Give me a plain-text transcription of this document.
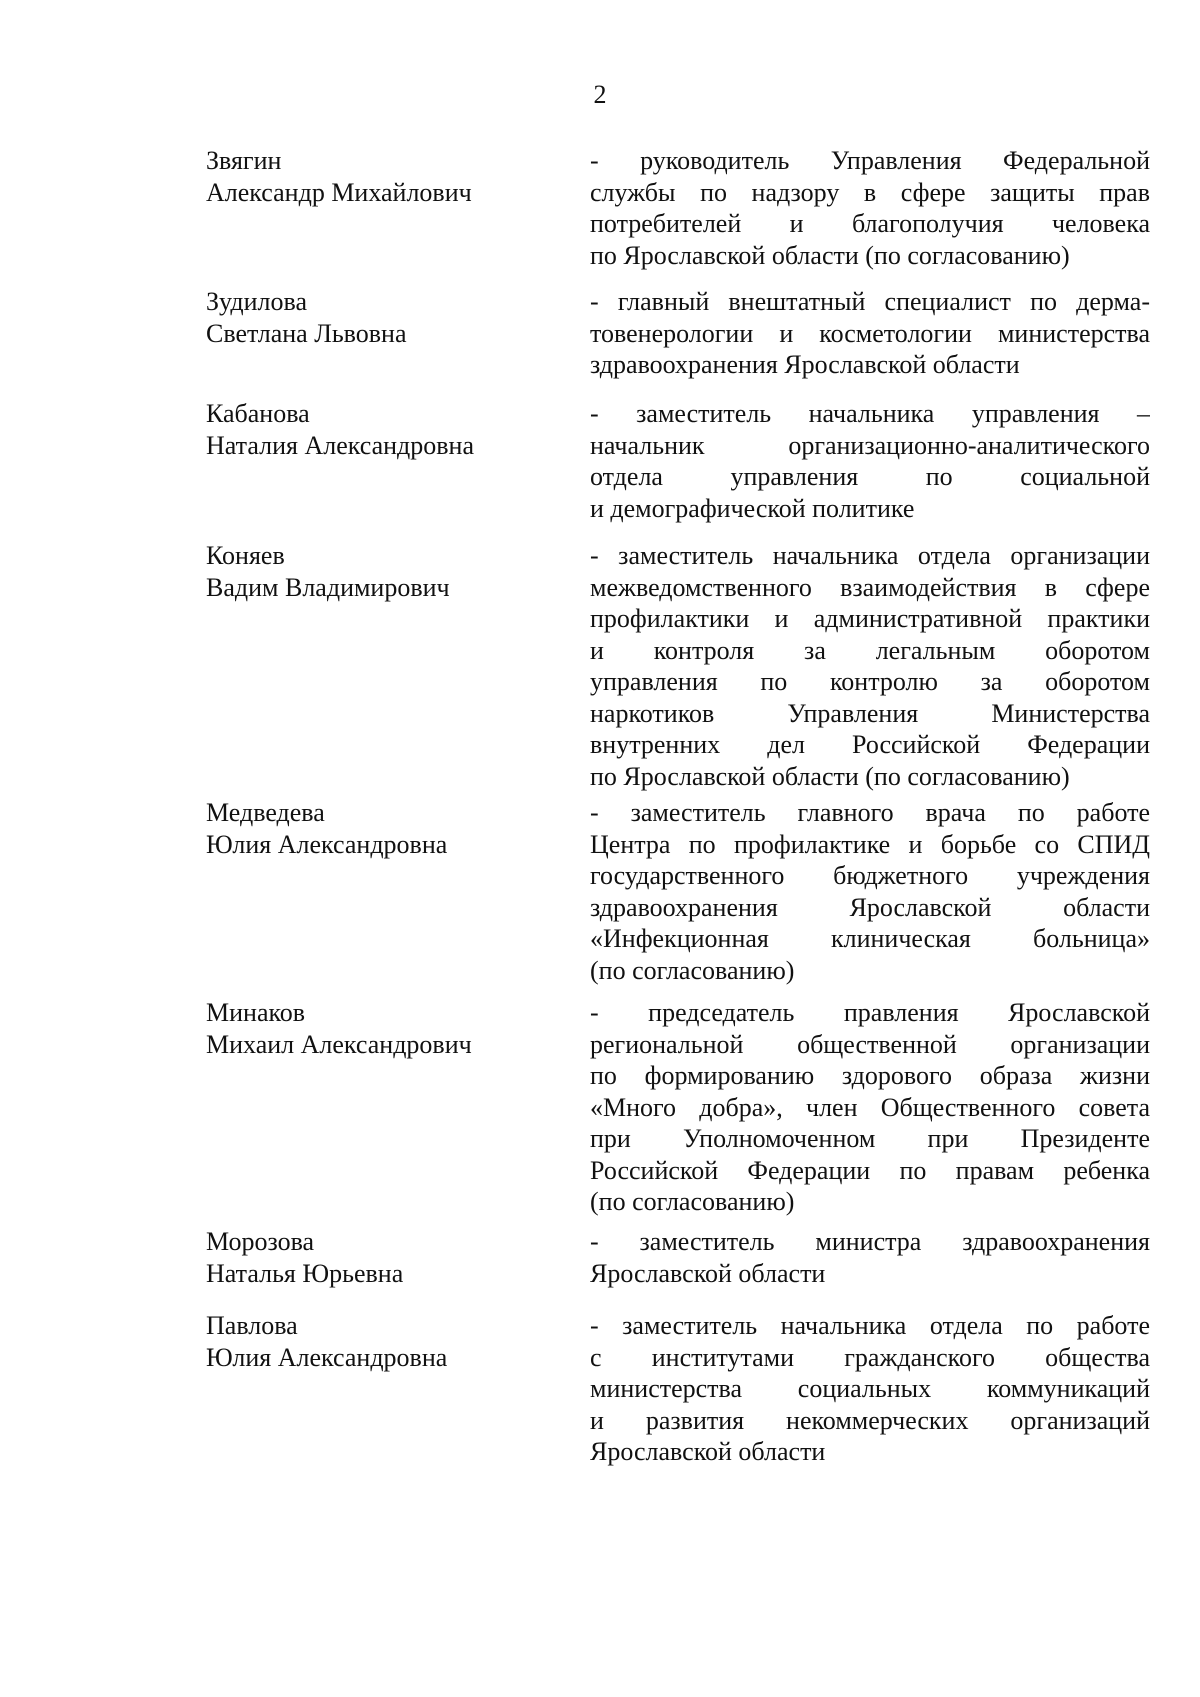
2
Звягин
Александр Михайлович
- руководитель Управления Федеральной
службы по надзору в сфере защиты прав
потребителей и благополучия человека
по Ярославской области (по согласованию)
Зудилова
Светлана Львовна
- главный внештатный специалист по дерма-
товенерологии и косметологии министерства
здравоохранения Ярославской области
Кабанова
Наталия Александровна
- заместитель начальника управления –
начальник организационно-аналитического
отдела управления по социальной
и демографической политике
Коняев
Вадим Владимирович
- заместитель начальника отдела организации
межведомственного взаимодействия в сфере
профилактики и административной практики
и контроля за легальным оборотом
управления по контролю за оборотом
наркотиков Управления Министерства
внутренних дел Российской Федерации
по Ярославской области (по согласованию)
Медведева
Юлия Александровна
- заместитель главного врача по работе
Центра по профилактике и борьбе со СПИД
государственного бюджетного учреждения
здравоохранения Ярославской области
«Инфекционная клиническая больница»
(по согласованию)
Минаков
Михаил Александрович
- председатель правления Ярославской
региональной общественной организации
по формированию здорового образа жизни
«Много добра», член Общественного совета
при Уполномоченном при Президенте
Российской Федерации по правам ребенка
(по согласованию)
Морозова
Наталья Юрьевна
- заместитель министра здравоохранения
Ярославской области
Павлова
Юлия Александровна
- заместитель начальника отдела по работе
с институтами гражданского общества
министерства социальных коммуникаций
и развития некоммерческих организаций
Ярославской области
